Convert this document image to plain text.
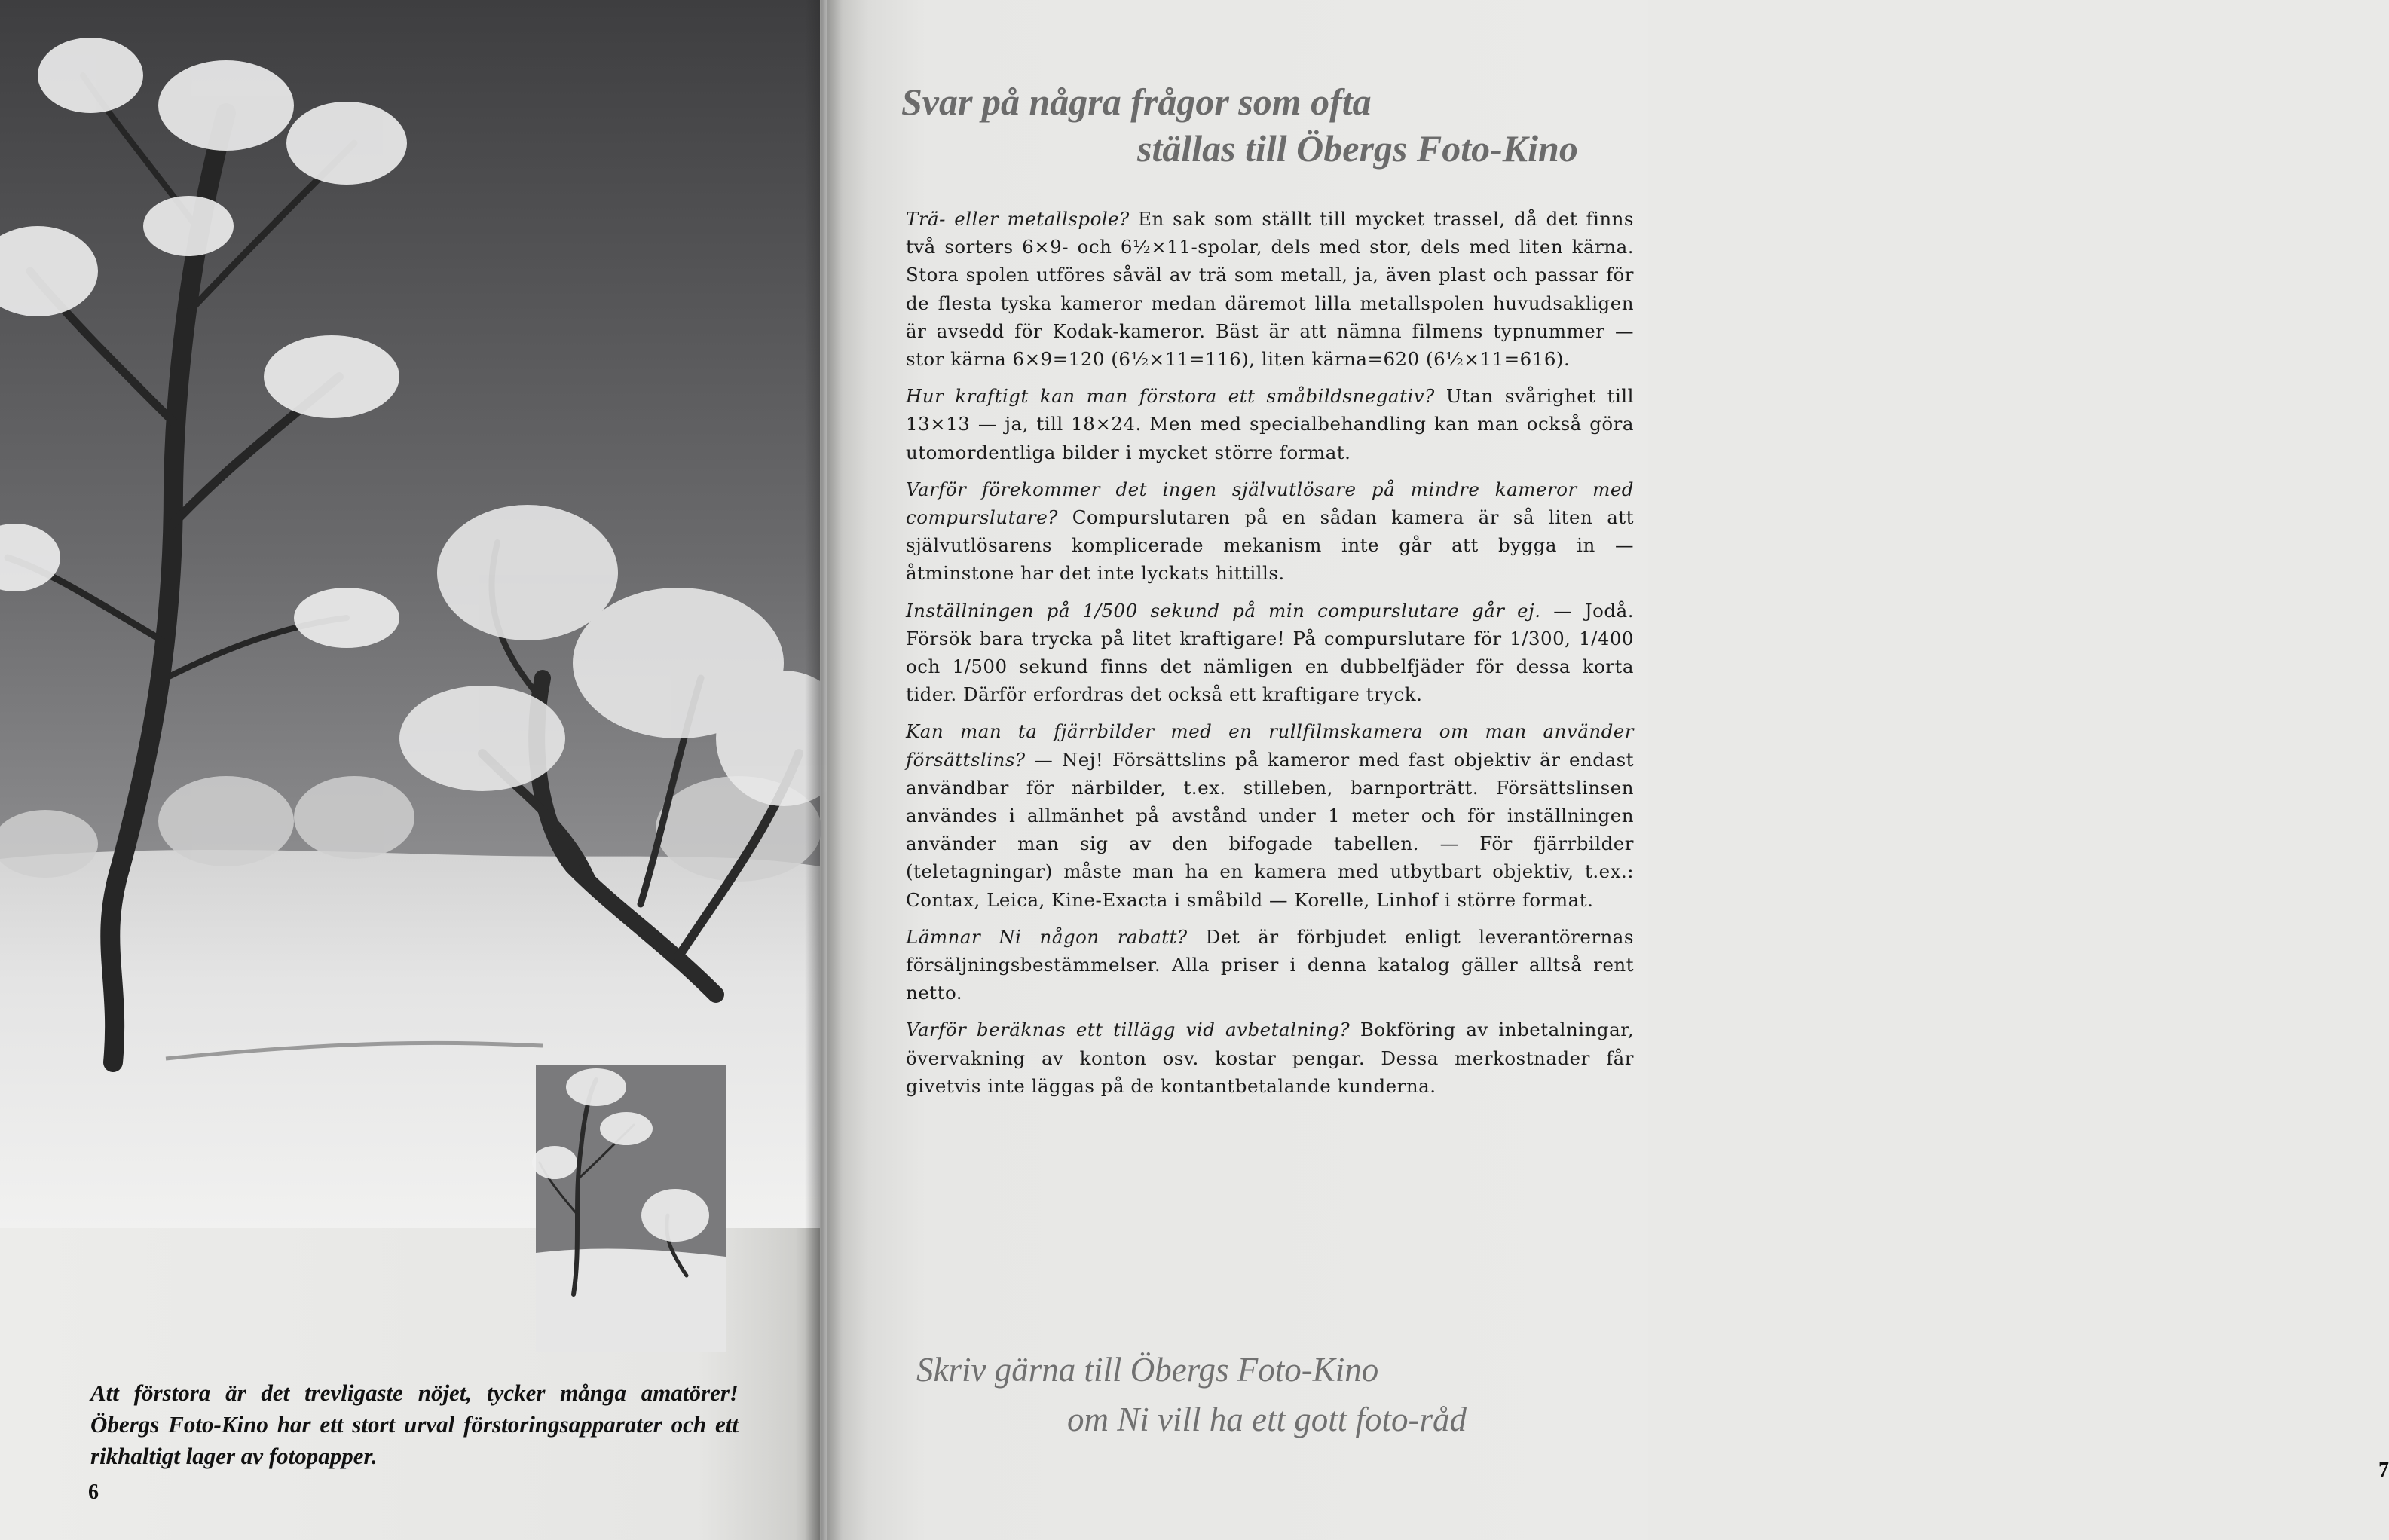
Att förstora är det trevligaste nöjet, tycker många amatörer! Öbergs Foto-Kino har ett stort urval förstoringsapparater och ett rikhaltigt lager av fotopapper.

6
Svar på några frågor som ofta
ställas till Öbergs Foto-Kino

Trä- eller metallspole? En sak som ställt till mycket trassel, då det finns två sorters 6×9- och 6½×11-spolar, dels med stor, dels med liten kärna. Stora spolen utföres såväl av trä som metall, ja, även plast och passar för de flesta tyska kameror medan däremot lilla metallspolen huvudsakligen är avsedd för Kodak-kameror. Bäst är att nämna filmens typnummer — stor kärna 6×9=120 (6½×11=116), liten kärna=620 (6½×11=616).

Hur kraftigt kan man förstora ett småbildsnegativ? Utan svårighet till 13×13 — ja, till 18×24. Men med specialbehandling kan man också göra utomordentliga bilder i mycket större format.

Varför förekommer det ingen självutlösare på mindre kameror med compurslutare? Compurslutaren på en sådan kamera är så liten att självutlösarens komplicerade mekanism inte går att bygga in — åtminstone har det inte lyckats hittills.

Inställningen på 1/500 sekund på min compurslutare går ej. — Jodå. Försök bara trycka på litet kraftigare! På compurslutare för 1/300, 1/400 och 1/500 sekund finns det nämligen en dubbelfjäder för dessa korta tider. Därför erfordras det också ett kraftigare tryck.

Kan man ta fjärrbilder med en rullfilmskamera om man använder försättslins? — Nej! Försättslins på kameror med fast objektiv är endast användbar för närbilder, t.ex. stilleben, barnporträtt. Försättslinsen användes i allmänhet på avstånd under 1 meter och för inställningen använder man sig av den bifogade tabellen. — För fjärrbilder (teletagningar) måste man ha en kamera med utbytbart objektiv, t.ex.: Contax, Leica, Kine-Exacta i småbild — Korelle, Linhof i större format.

Lämnar Ni någon rabatt? Det är förbjudet enligt leverantörernas försäljningsbestämmelser. Alla priser i denna katalog gäller alltså rent netto.

Varför beräknas ett tillägg vid avbetalning? Bokföring av inbetalningar, övervakning av konton osv. kostar pengar. Dessa merkostnader får givetvis inte läggas på de kontantbetalande kunderna.

Skriv gärna till Öbergs Foto-Kino
om Ni vill ha ett gott foto-råd

7
